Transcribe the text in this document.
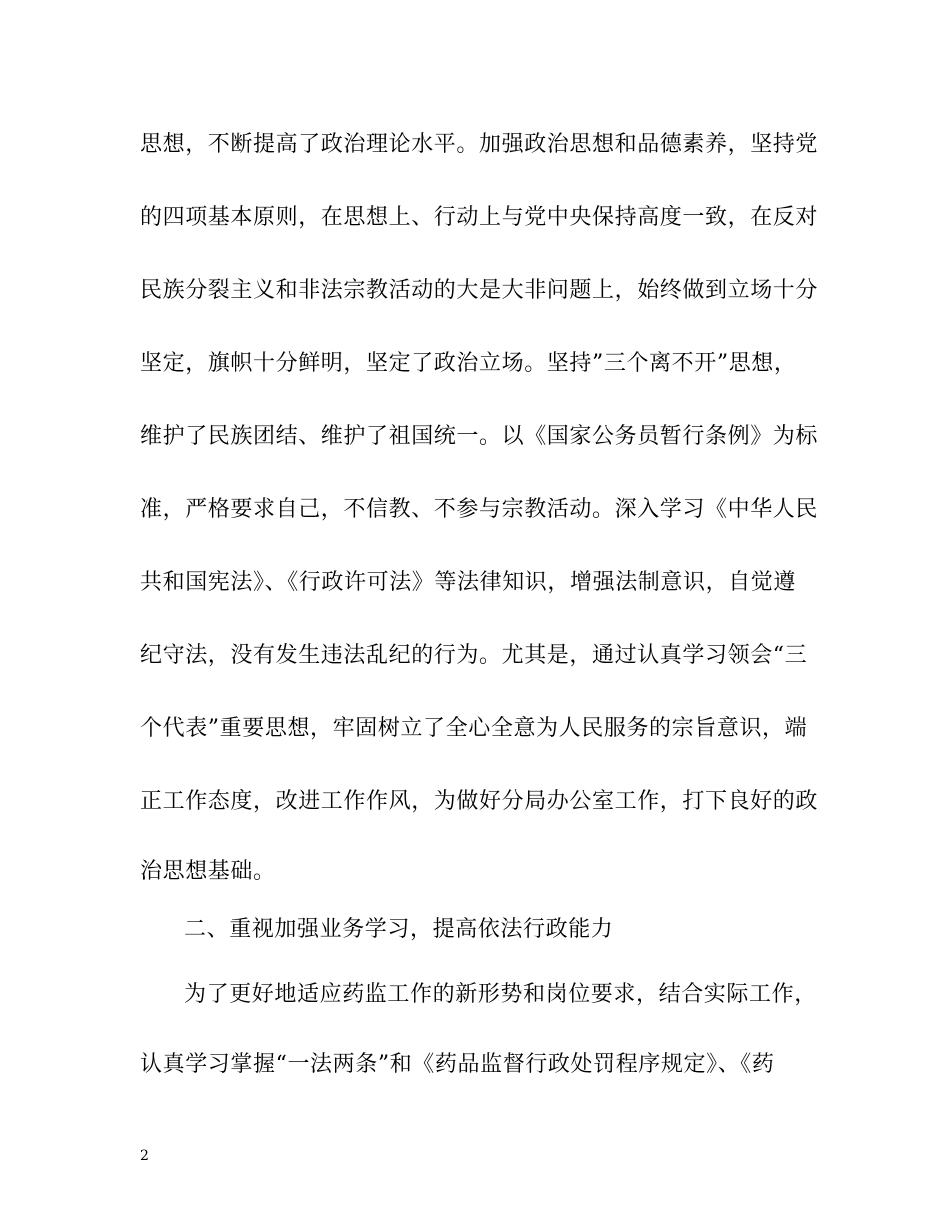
思想，不断提高了政治理论水平。加强政治思想和品德素养，坚持党
的四项基本原则，在思想上、行动上与党中央保持高度一致，在反对
民族分裂主义和非法宗教活动的大是大非问题上，始终做到立场十分
坚定，旗帜十分鲜明，坚定了政治立场。坚持”三个离不开”思想，
维护了民族团结、维护了祖国统一。以《国家公务员暂行条例》为标
准，严格要求自己，不信教、不参与宗教活动。深入学习《中华人民
共和国宪法》、《行政许可法》等法律知识，增强法制意识，自觉遵
纪守法，没有发生违法乱纪的行为。尤其是，通过认真学习领会“三
个代表”重要思想，牢固树立了全心全意为人民服务的宗旨意识，端
正工作态度，改进工作作风，为做好分局办公室工作，打下良好的政
治思想基础。
二、重视加强业务学习，提高依法行政能力
为了更好地适应药监工作的新形势和岗位要求，结合实际工作，
认真学习掌握“一法两条”和《药品监督行政处罚程序规定》、《药
2
